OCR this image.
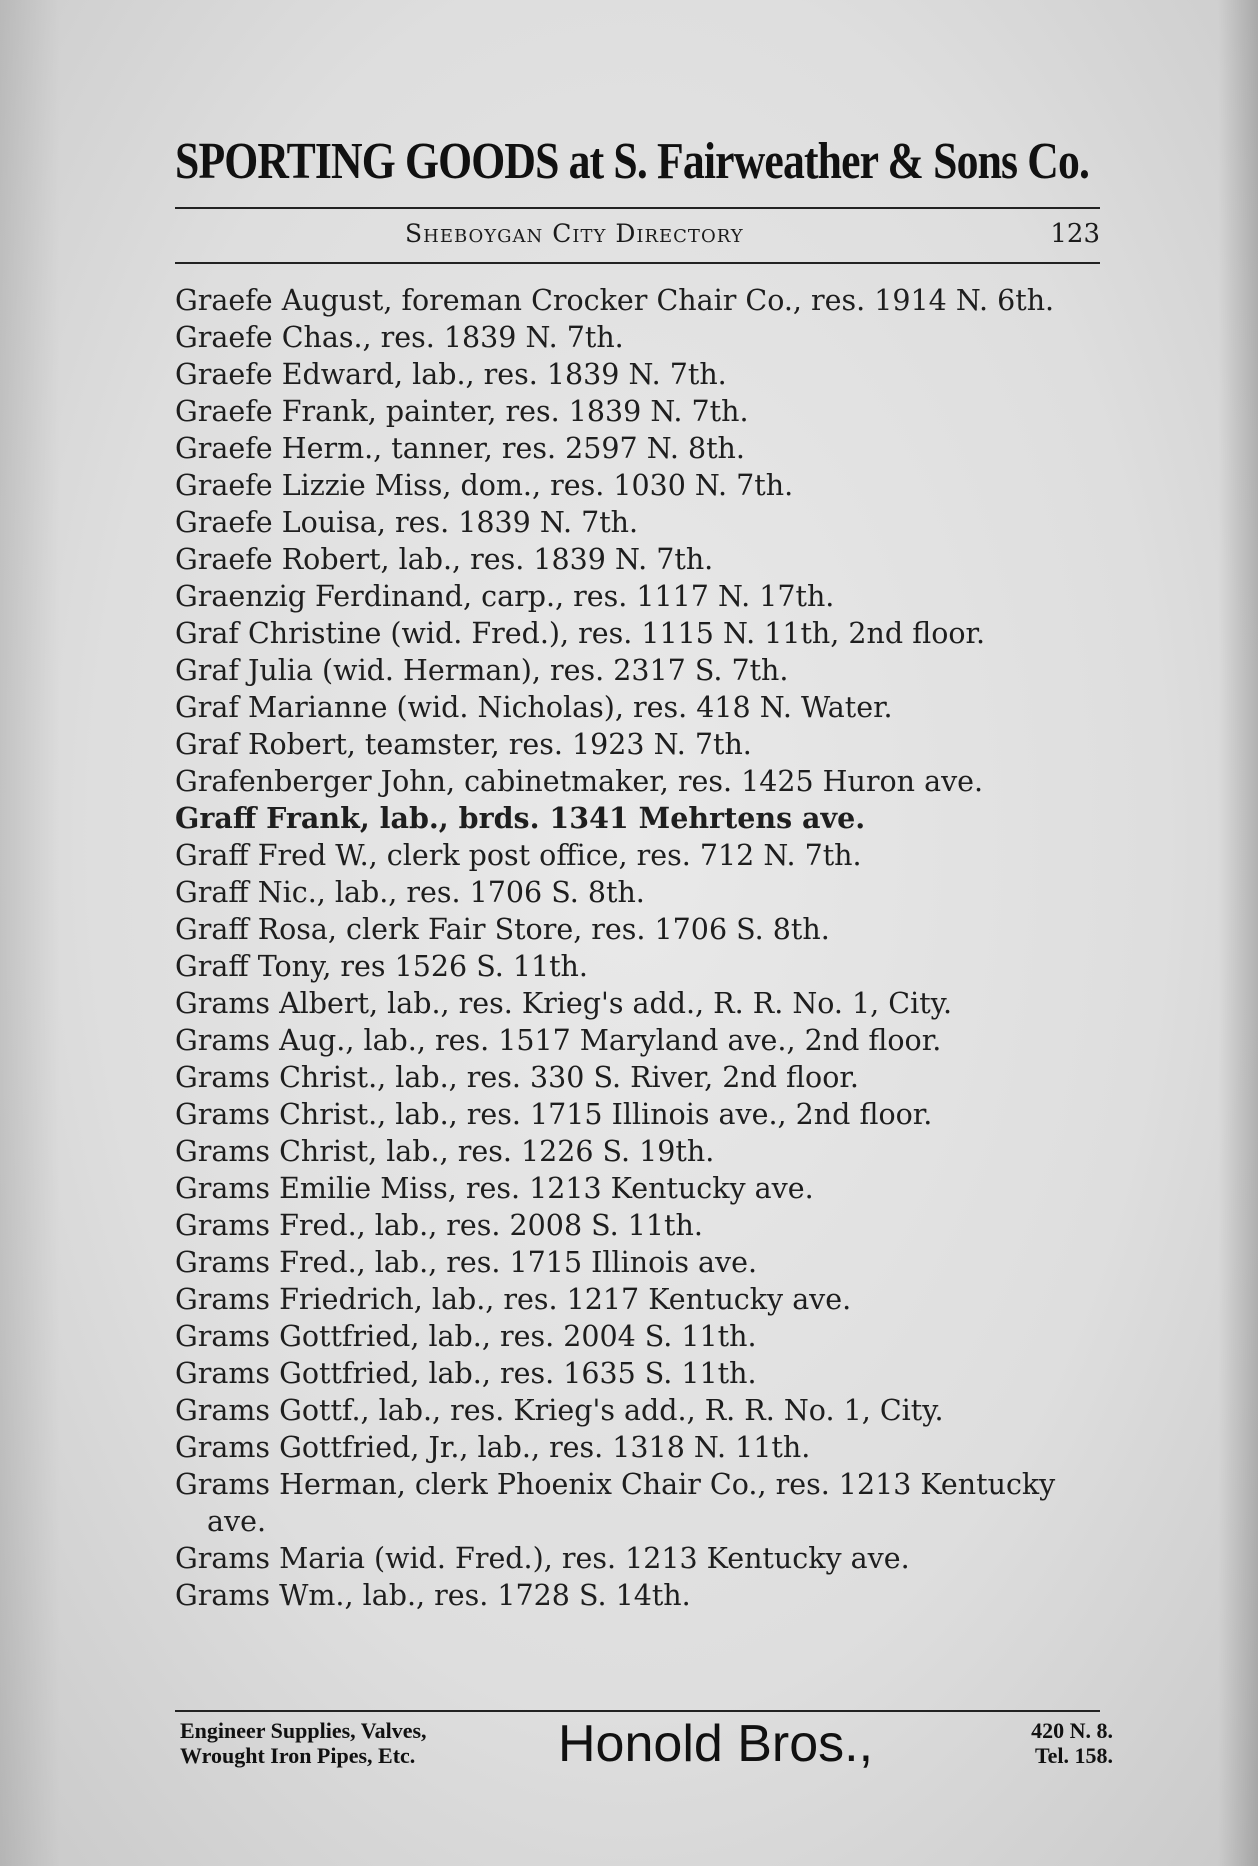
SPORTING GOODS at S. Fairweather & Sons Co.
Sheboygan City Directory	123
Graefe August, foreman Crocker Chair Co., res. 1914 N. 6th.
Graefe Chas., res. 1839 N. 7th.
Graefe Edward, lab., res. 1839 N. 7th.
Graefe Frank, painter, res. 1839 N. 7th.
Graefe Herm., tanner, res. 2597 N. 8th.
Graefe Lizzie Miss, dom., res. 1030 N. 7th.
Graefe Louisa, res. 1839 N. 7th.
Graefe Robert, lab., res. 1839 N. 7th.
Graenzig Ferdinand, carp., res. 1117 N. 17th.
Graf Christine (wid. Fred.), res. 1115 N. 11th, 2nd floor.
Graf Julia (wid. Herman), res. 2317 S. 7th.
Graf Marianne (wid. Nicholas), res. 418 N. Water.
Graf Robert, teamster, res. 1923 N. 7th.
Grafenberger John, cabinetmaker, res. 1425 Huron ave.
Graff Frank, lab., brds. 1341 Mehrtens ave.
Graff Fred W., clerk post office, res. 712 N. 7th.
Graff Nic., lab., res. 1706 S. 8th.
Graff Rosa, clerk Fair Store, res. 1706 S. 8th.
Graff Tony, res 1526 S. 11th.
Grams Albert, lab., res. Krieg's add., R. R. No. 1, City.
Grams Aug., lab., res. 1517 Maryland ave., 2nd floor.
Grams Christ., lab., res. 330 S. River, 2nd floor.
Grams Christ., lab., res. 1715 Illinois ave., 2nd floor.
Grams Christ, lab., res. 1226 S. 19th.
Grams Emilie Miss, res. 1213 Kentucky ave.
Grams Fred., lab., res. 2008 S. 11th.
Grams Fred., lab., res. 1715 Illinois ave.
Grams Friedrich, lab., res. 1217 Kentucky ave.
Grams Gottfried, lab., res. 2004 S. 11th.
Grams Gottfried, lab., res. 1635 S. 11th.
Grams Gottf., lab., res. Krieg's add., R. R. No. 1, City.
Grams Gottfried, Jr., lab., res. 1318 N. 11th.
Grams Herman, clerk Phoenix Chair Co., res. 1213 Kentucky ave.
Grams Maria (wid. Fred.), res. 1213 Kentucky ave.
Grams Wm., lab., res. 1728 S. 14th.
Engineer Supplies, Valves,
Wrought Iron Pipes, Etc.	Honold Bros.,	420 N. 8.
Tel. 158.
